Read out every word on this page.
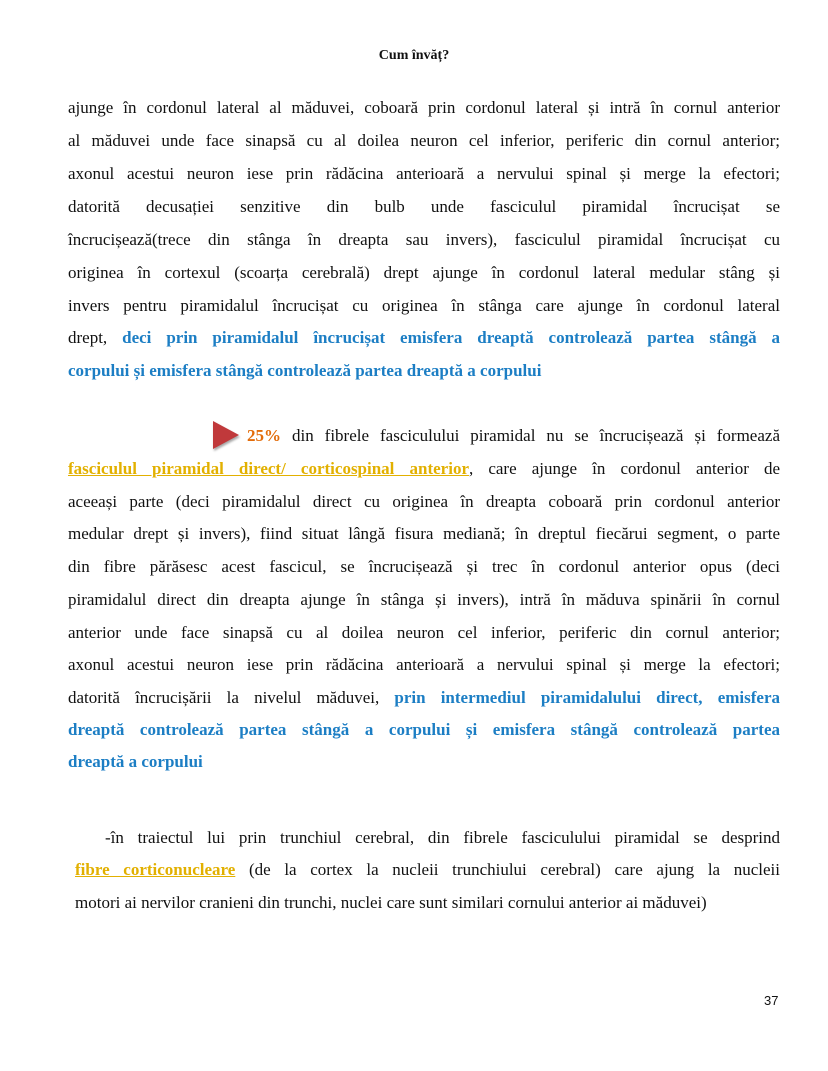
Cum învăț?
ajunge în cordonul lateral al măduvei, coboară prin cordonul lateral și intră în cornul anterior
al măduvei unde face sinapsă cu al doilea neuron cel inferior, periferic din cornul anterior;
axonul acestui neuron iese prin rădăcina anterioară a nervului spinal și merge la efectori;
datorită decusației senzitive din bulb unde fasciculul piramidal încrucișat se
încrucișează(trece din stânga în dreapta sau invers), fasciculul piramidal încrucișat cu
originea în cortexul (scoarța cerebrală) drept ajunge în cordonul lateral medular stâng și
invers pentru piramidalul încrucișat cu originea în stânga care ajunge în cordonul lateral
drept, deci prin piramidalul încrucișat emisfera dreaptă controlează partea stângă a
corpului și emisfera stângă controlează partea dreaptă a corpului
25% din fibrele fasciculului piramidal nu se încrucișează și formează
fasciculul piramidal direct/ corticospinal anterior, care ajunge în cordonul anterior de
aceeași parte (deci piramidalul direct cu originea în dreapta coboară prin cordonul anterior
medular drept și invers), fiind situat lângă fisura mediană; în dreptul fiecărui segment, o parte
din fibre părăsesc acest fascicul, se încrucișează și trec în cordonul anterior opus (deci
piramidalul direct din dreapta ajunge în stânga și invers), intră în măduva spinării în cornul
anterior unde face sinapsă cu al doilea neuron cel inferior, periferic din cornul anterior;
axonul acestui neuron iese prin rădăcina anterioară a nervului spinal și merge la efectori;
datorită încrucișării la nivelul măduvei, prin intermediul piramidalului direct, emisfera
dreaptă controlează partea stângă a corpului și emisfera stângă controlează partea
dreaptă a corpului
-în traiectul lui prin trunchiul cerebral, din fibrele fasciculului piramidal se desprind
fibre corticonucleare (de la cortex la nucleii trunchiului cerebral) care ajung la nucleii
motori ai nervilor cranieni din trunchi, nuclei care sunt similari cornului anterior ai măduvei)
37
